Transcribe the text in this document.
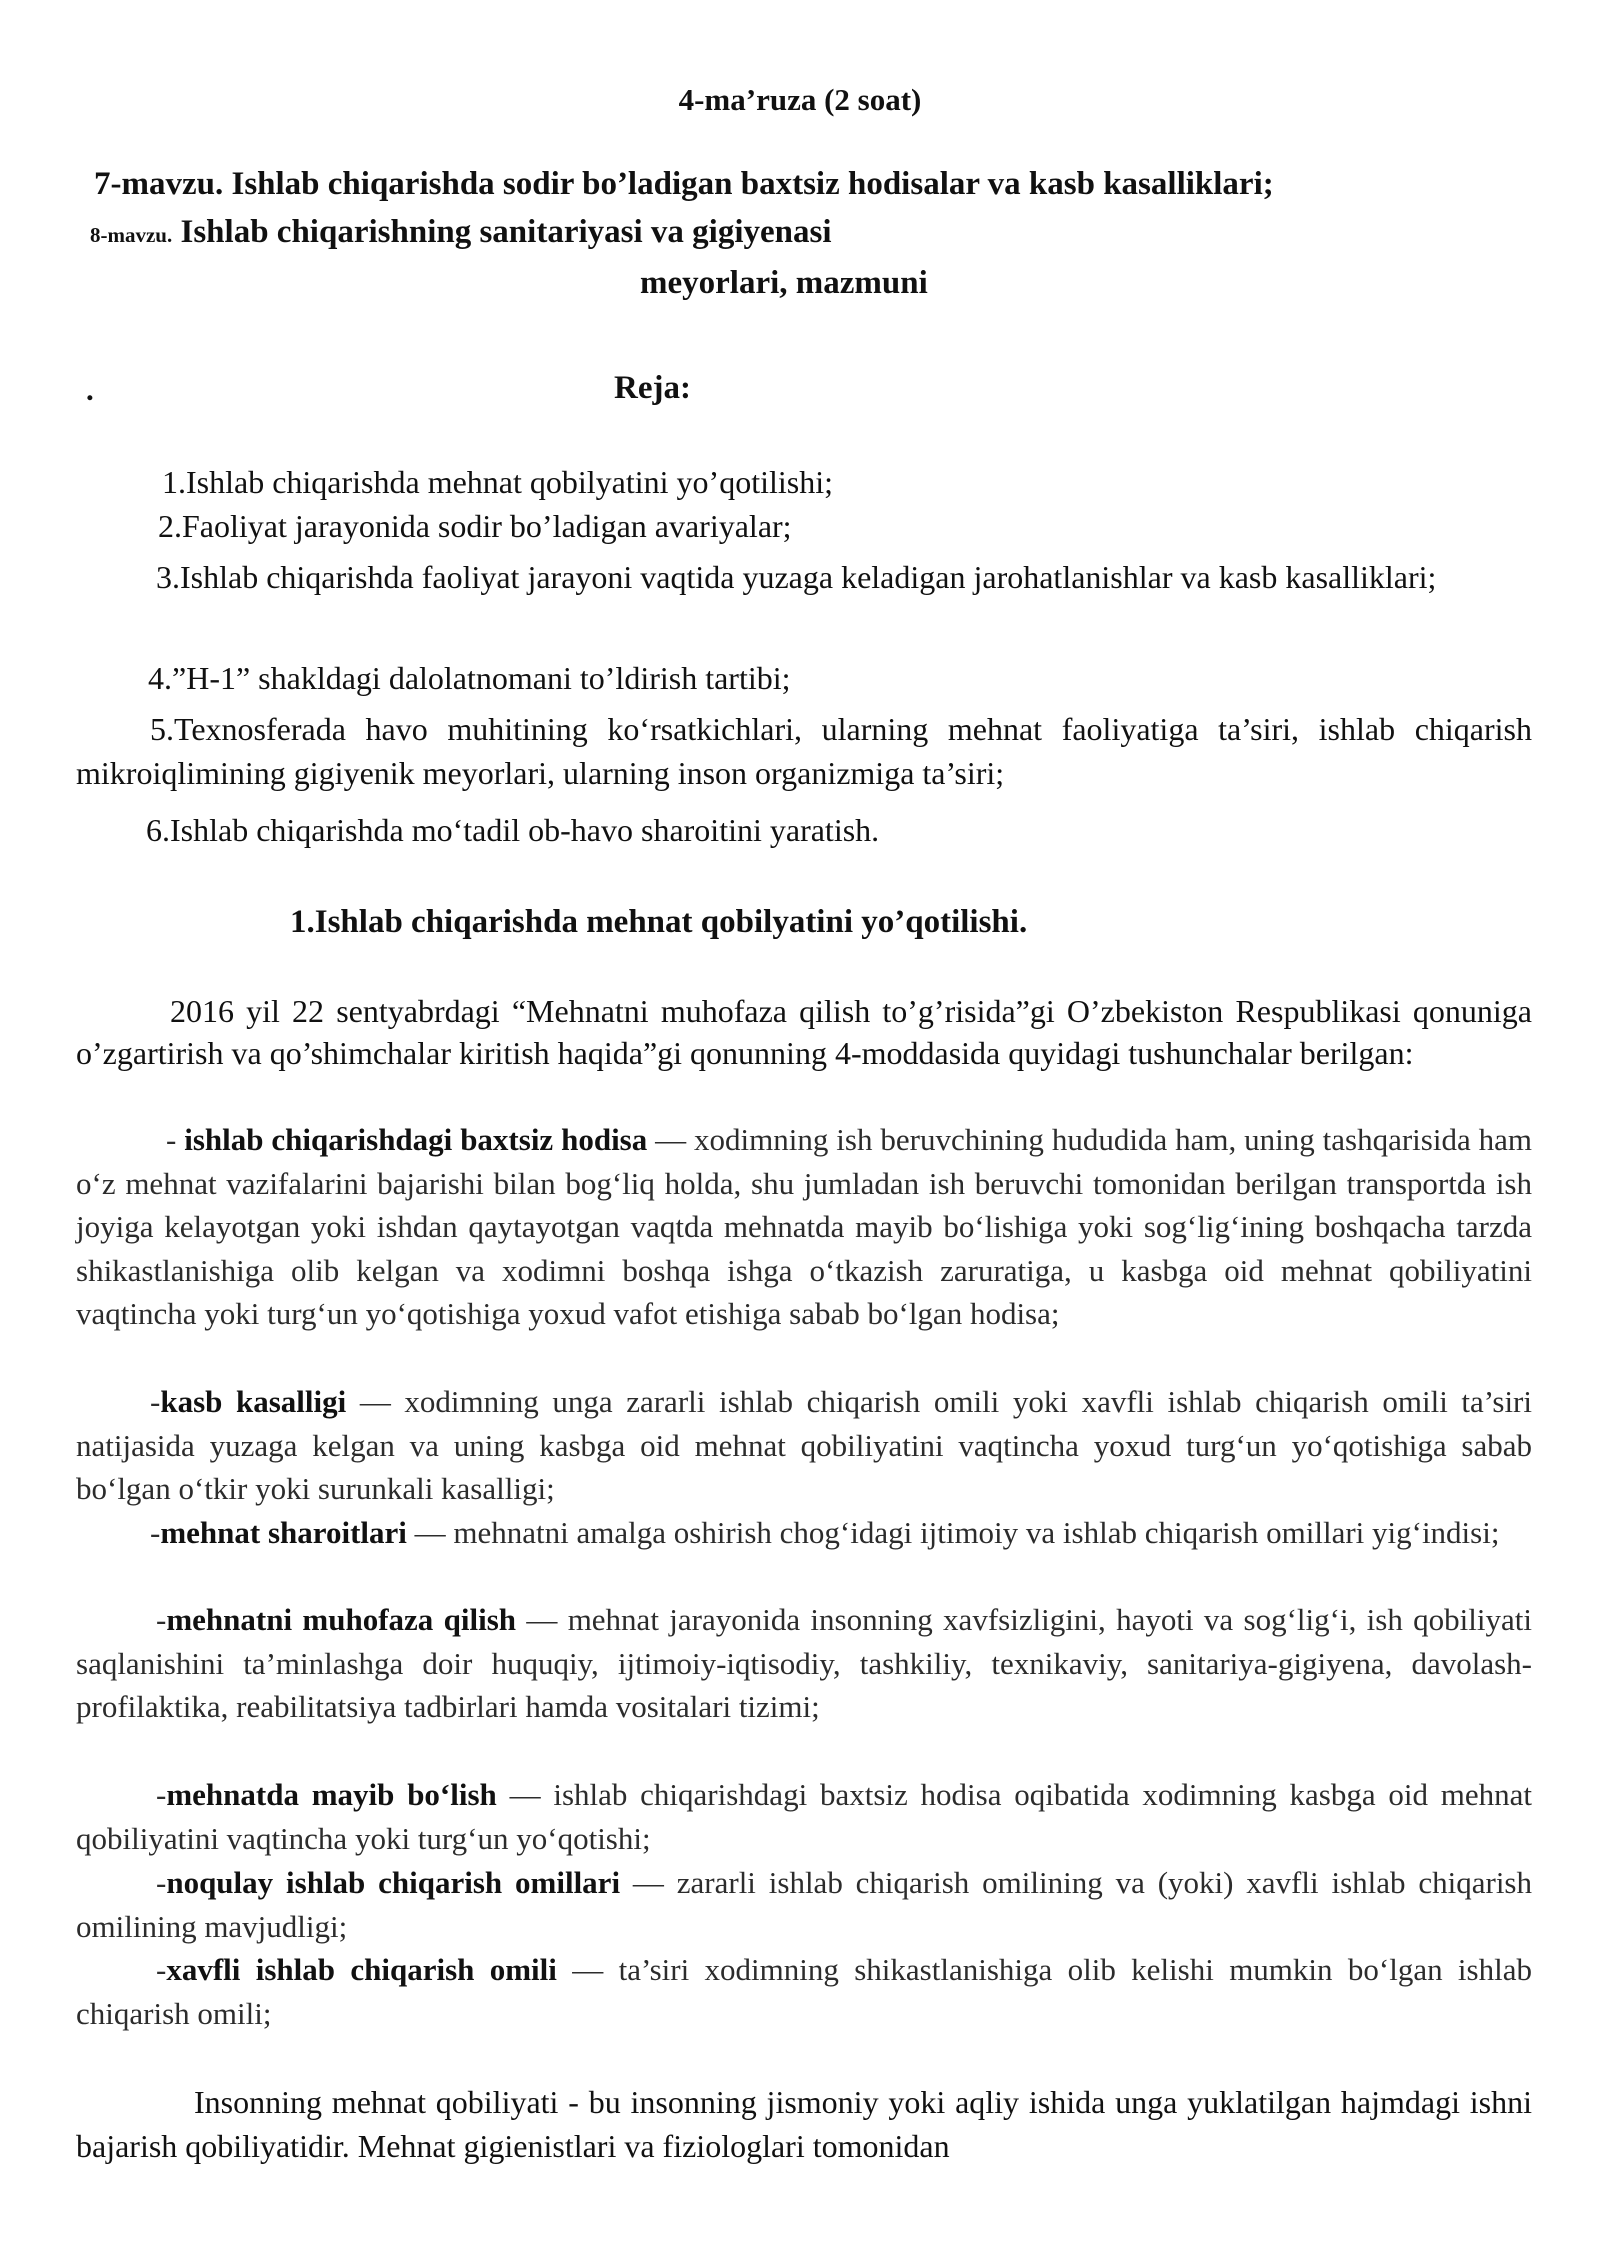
4-ma’ruza (2 soat)
7-mavzu. Ishlab chiqarishda sodir bo’ladigan baxtsiz hodisalar va kasb kasalliklari;
8-mavzu. Ishlab chiqarishning sanitariyasi va gigiyenasi
meyorlari, mazmuni
.	Reja:
1.Ishlab chiqarishda mehnat qobilyatini yo’qotilishi;
2.Faoliyat jarayonida sodir bo’ladigan avariyalar;
3.Ishlab chiqarishda faoliyat jarayoni vaqtida yuzaga keladigan jarohatlanishlar va kasb kasalliklari;
4.”H-1” shakldagi dalolatnomani to’ldirish tartibi;
5.Texnosferada havo muhitining ko‘rsatkichlari, ularning mehnat faoliyatiga ta’siri, ishlab chiqarish mikroiqlimining gigiyenik meyorlari, ularning inson organizmiga ta’siri;
6.Ishlab chiqarishda mo‘tadil ob-havo sharoitini yaratish.
1.Ishlab chiqarishda mehnat qobilyatini yo’qotilishi.
2016 yil 22 sentyabrdagi “Mehnatni muhofaza qilish to’g’risida”gi O’zbekiston Respublikasi qonuniga o’zgartirish va qo’shimchalar kiritish haqida”gi qonunning 4-moddasida quyidagi tushunchalar berilgan:
- ishlab chiqarishdagi baxtsiz hodisa — xodimning ish beruvchining hududida ham, uning tashqarisida ham o‘z mehnat vazifalarini bajarishi bilan bog‘liq holda, shu jumladan ish beruvchi tomonidan berilgan transportda ish joyiga kelayotgan yoki ishdan qaytayotgan vaqtda mehnatda mayib bo‘lishiga yoki sog‘lig‘ining boshqacha tarzda shikastlanishiga olib kelgan va xodimni boshqa ishga o‘tkazish zaruratiga, u kasbga oid mehnat qobiliyatini vaqtincha yoki turg‘un yo‘qotishiga yoxud vafot etishiga sabab bo‘lgan hodisa;
-kasb kasalligi — xodimning unga zararli ishlab chiqarish omili yoki xavfli ishlab chiqarish omili ta’siri natijasida yuzaga kelgan va uning kasbga oid mehnat qobiliyatini vaqtincha yoxud turg‘un yo‘qotishiga sabab bo‘lgan o‘tkir yoki surunkali kasalligi;
-mehnat sharoitlari — mehnatni amalga oshirish chog‘idagi ijtimoiy va ishlab chiqarish omillari yig‘indisi;
-mehnatni muhofaza qilish — mehnat jarayonida insonning xavfsizligini, hayoti va sog‘lig‘i, ish qobiliyati saqlanishini ta’minlashga doir huquqiy, ijtimoiy-iqtisodiy, tashkiliy, texnikaviy, sanitariya-gigiyena, davolash-profilaktika, reabilitatsiya tadbirlari hamda vositalari tizimi;
-mehnatda mayib bo‘lish — ishlab chiqarishdagi baxtsiz hodisa oqibatida xodimning kasbga oid mehnat qobiliyatini vaqtincha yoki turg‘un yo‘qotishi;
-noqulay ishlab chiqarish omillari — zararli ishlab chiqarish omilining va (yoki) xavfli ishlab chiqarish omilining mavjudligi;
-xavfli ishlab chiqarish omili — ta’siri xodimning shikastlanishiga olib kelishi mumkin bo‘lgan ishlab chiqarish omili;
Insonning mehnat qobiliyati - bu insonning jismoniy yoki aqliy ishida unga yuklatilgan hajmdagi ishni bajarish qobiliyatidir. Mehnat gigienistlari va fiziologlari tomonidan
